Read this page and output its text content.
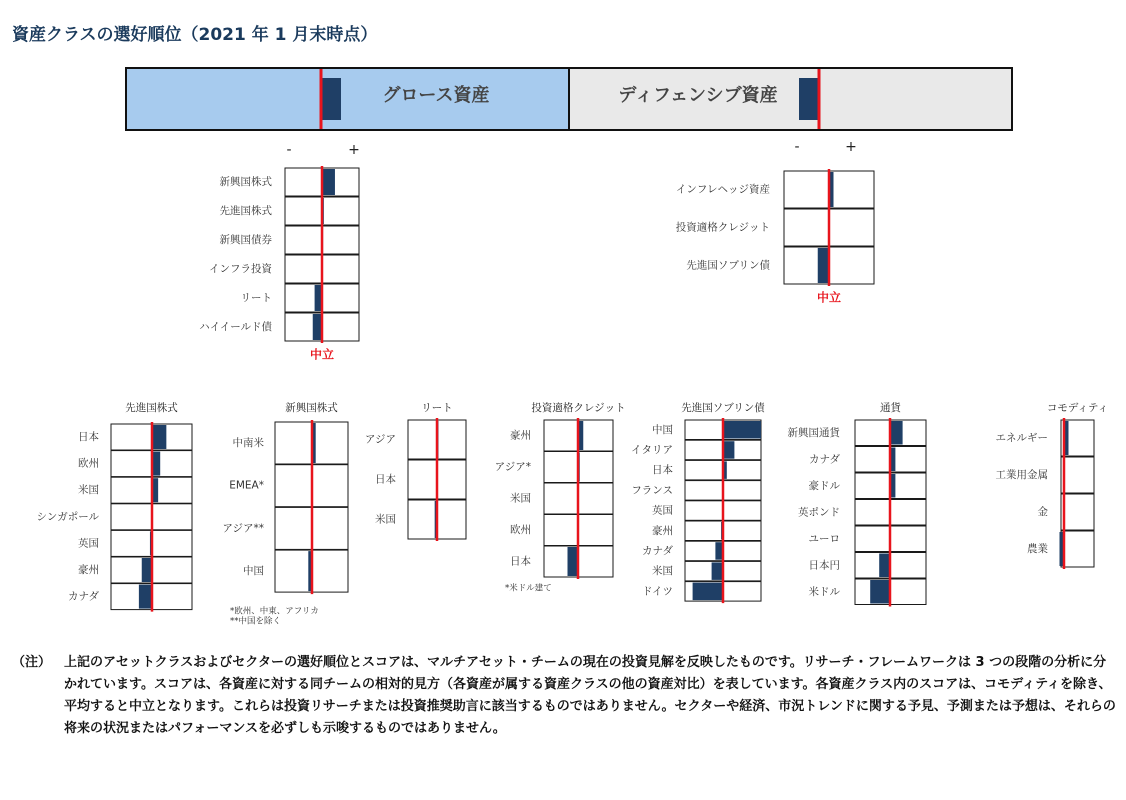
資産クラスの選好順位（2021 年 1 月末時点）
グロース資産	ディフェンシブ資産
-	+	-	+
新興国株式
先進国株式
新興国債券
インフラ投資
リート
ハイイールド債
中立
インフレヘッジ資産
投資適格クレジット
先進国ソブリン債
中立
先進国株式
日本
欧州
米国
シンガポール
英国
豪州
カナダ
新興国株式
中南米
EMEA*
アジア**
中国
*欧州、中東、アフリカ
**中国を除く
リート
アジア
日本
米国
投資適格クレジット
豪州
アジア*
米国
欧州
日本
*米ドル建て
先進国ソブリン債
中国
イタリア
日本
フランス
英国
豪州
カナダ
米国
ドイツ
通貨
新興国通貨
カナダ
豪ドル
英ポンド
ユーロ
日本円
米ドル
コモディティ
エネルギー
工業用金属
金
農業
（注） 上記のアセットクラスおよびセクターの選好順位とスコアは、マルチアセット・チームの現在の投資見解を反映したものです。リサーチ・フレームワークは 3 つの段階の分析に分かれています。スコアは、各資産に対する同チームの相対的見方（各資産が属する資産クラスの他の資産対比）を表しています。各資産クラス内のスコアは、コモディティを除き、平均すると中立となります。これらは投資リサーチまたは投資推奨助言に該当するものではありません。セクターや経済、市況トレンドに関する予見、予測または予想は、それらの将来の状況またはパフォーマンスを必ずしも示唆するものではありません。
